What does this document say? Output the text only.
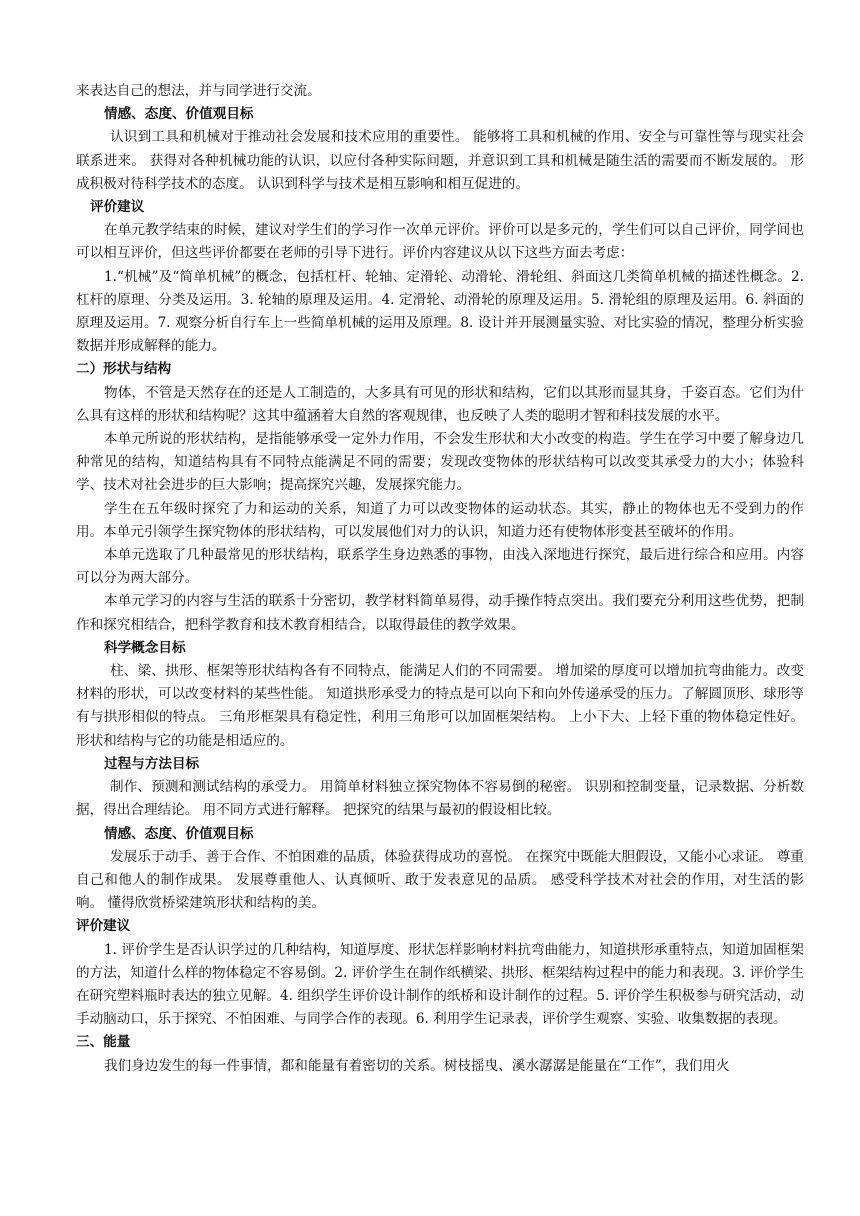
来表达自己的想法，并与同学进行交流。

情感、态度、价值观目标

认识到工具和机械对于推动社会发展和技术应用的重要性。 能够将工具和机械的作用、安全与可靠性等与现实社会联系进来。 获得对各种机械功能的认识，以应付各种实际问题，并意识到工具和机械是随生活的需要而不断发展的。 形成积极对待科学技术的态度。 认识到科学与技术是相互影响和相互促进的。

评价建议

在单元教学结束的时候，建议对学生们的学习作一次单元评价。评价可以是多元的，学生们可以自己评价，同学间也可以相互评价，但这些评价都要在老师的引导下进行。评价内容建议从以下这些方面去考虑：

1.“机械”及“简单机械”的概念，包括杠杆、轮轴、定滑轮、动滑轮、滑轮组、斜面这几类简单机械的描述性概念。2. 杠杆的原理、分类及运用。3. 轮轴的原理及运用。4. 定滑轮、动滑轮的原理及运用。5. 滑轮组的原理及运用。6. 斜面的原理及运用。7. 观察分析自行车上一些简单机械的运用及原理。8. 设计并开展测量实验、对比实验的情况，整理分析实验数据并形成解释的能力。

二）形状与结构

物体，不管是天然存在的还是人工制造的，大多具有可见的形状和结构，它们以其形而显其身，千姿百态。它们为什么具有这样的形状和结构呢？这其中蕴涵着大自然的客观规律，也反映了人类的聪明才智和科技发展的水平。

本单元所说的形状结构，是指能够承受一定外力作用，不会发生形状和大小改变的构造。学生在学习中要了解身边几种常见的结构，知道结构具有不同特点能满足不同的需要；发现改变物体的形状结构可以改变其承受力的大小；体验科学、技术对社会进步的巨大影响；提高探究兴趣，发展探究能力。

学生在五年级时探究了力和运动的关系，知道了力可以改变物体的运动状态。其实，静止的物体也无不受到力的作用。本单元引领学生探究物体的形状结构，可以发展他们对力的认识，知道力还有使物体形变甚至破坏的作用。

本单元选取了几种最常见的形状结构，联系学生身边熟悉的事物，由浅入深地进行探究，最后进行综合和应用。内容可以分为两大部分。

本单元学习的内容与生活的联系十分密切，教学材料简单易得，动手操作特点突出。我们要充分利用这些优势，把制作和探究相结合，把科学教育和技术教育相结合，以取得最佳的教学效果。

科学概念目标

柱、梁、拱形、框架等形状结构各有不同特点，能满足人们的不同需要。 增加梁的厚度可以增加抗弯曲能力。改变材料的形状，可以改变材料的某些性能。 知道拱形承受力的特点是可以向下和向外传递承受的压力。了解圆顶形、球形等有与拱形相似的特点。 三角形框架具有稳定性，利用三角形可以加固框架结构。 上小下大、上轻下重的物体稳定性好。 形状和结构与它的功能是相适应的。

过程与方法目标

制作、预测和测试结构的承受力。 用简单材料独立探究物体不容易倒的秘密。 识别和控制变量，记录数据、分析数据，得出合理结论。 用不同方式进行解释。 把探究的结果与最初的假设相比较。

情感、态度、价值观目标

发展乐于动手、善于合作、不怕困难的品质，体验获得成功的喜悦。 在探究中既能大胆假设，又能小心求证。 尊重自己和他人的制作成果。 发展尊重他人、认真倾听、敢于发表意见的品质。 感受科学技术对社会的作用，对生活的影响。 懂得欣赏桥梁建筑形状和结构的美。

评价建议

1. 评价学生是否认识学过的几种结构，知道厚度、形状怎样影响材料抗弯曲能力，知道拱形承重特点，知道加固框架的方法，知道什么样的物体稳定不容易倒。2. 评价学生在制作纸横梁、拱形、框架结构过程中的能力和表现。3. 评价学生在研究塑料瓶时表达的独立见解。4. 组织学生评价设计制作的纸桥和设计制作的过程。5. 评价学生积极参与研究活动，动手动脑动口，乐于探究、不怕困难、与同学合作的表现。6. 利用学生记录表，评价学生观察、实验、收集数据的表现。

三、能量

我们身边发生的每一件事情，都和能量有着密切的关系。树枝摇曳、溪水潺潺是能量在“工作”，我们用火
